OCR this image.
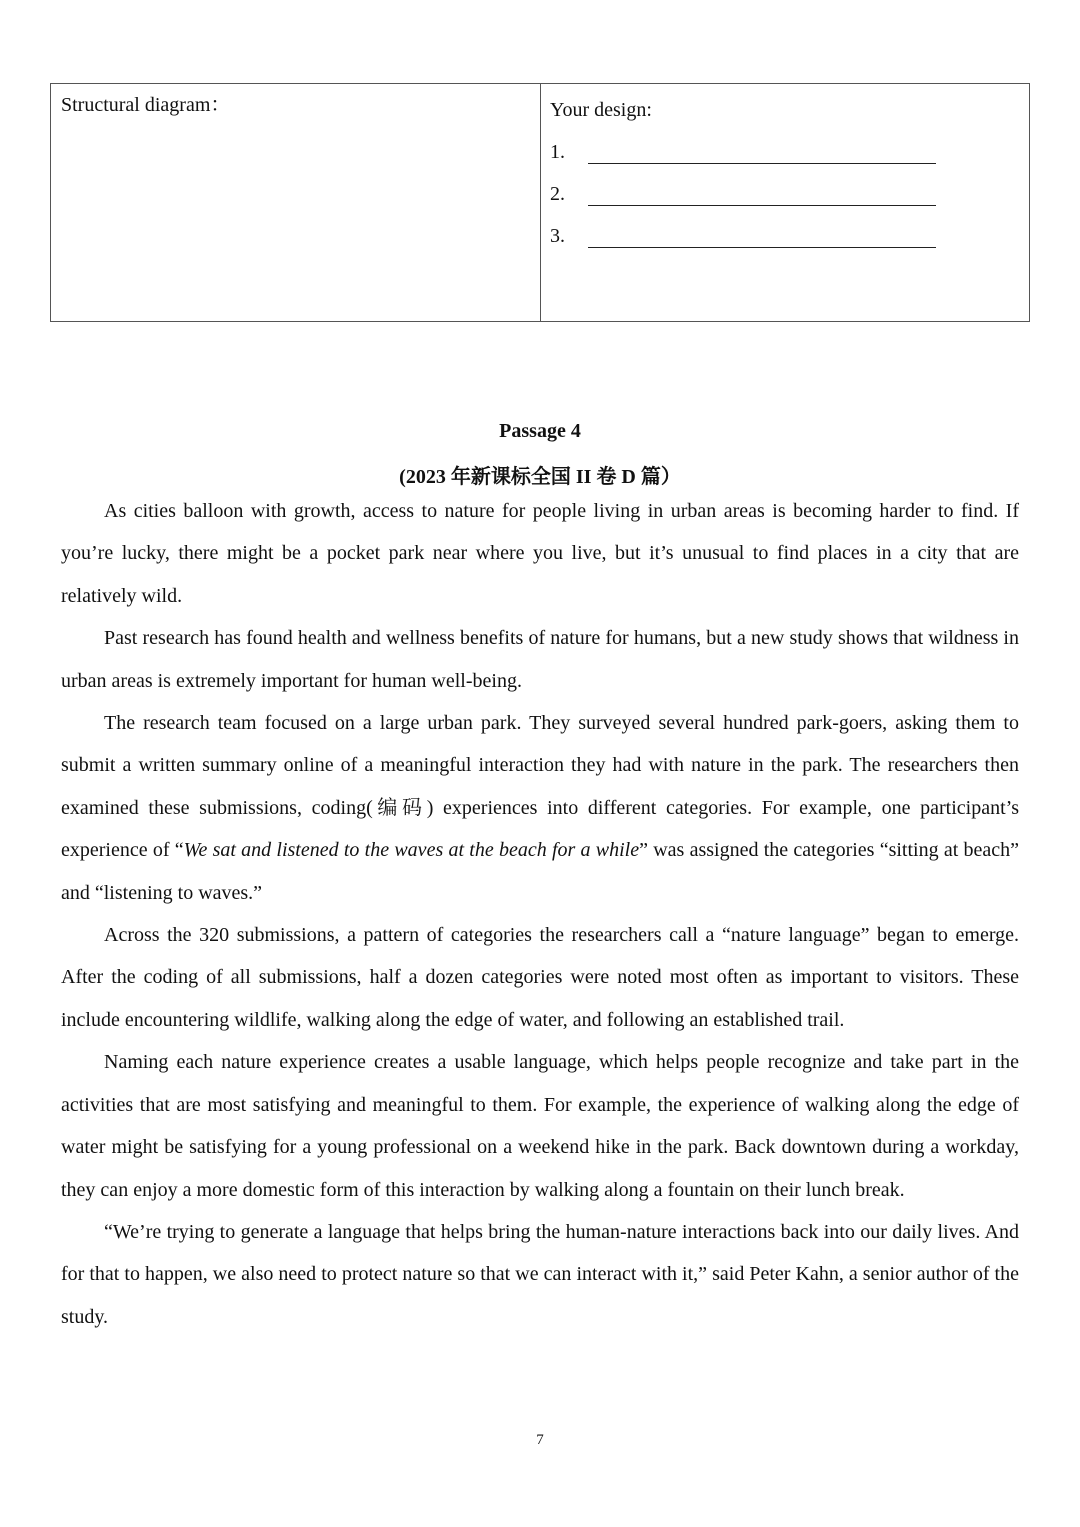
Structural diagram：	Your design:
1.
2.
3.
Passage 4
(2023 年新课标全国 II 卷 D 篇）

As cities balloon with growth, access to nature for people living in urban areas is becoming harder to find. If you’re lucky, there might be a pocket park near where you live, but it’s unusual to find places in a city that are relatively wild.

Past research has found health and wellness benefits of nature for humans, but a new study shows that wildness in urban areas is extremely important for human well-being.

The research team focused on a large urban park. They surveyed several hundred park-goers, asking them to submit a written summary online of a meaningful interaction they had with nature in the park. The researchers then examined these submissions, coding(编码) experiences into different categories. For example, one participant’s experience of “We sat and listened to the waves at the beach for a while” was assigned the categories “sitting at beach” and “listening to waves.”

Across the 320 submissions, a pattern of categories the researchers call a “nature language” began to emerge. After the coding of all submissions, half a dozen categories were noted most often as important to visitors. These include encountering wildlife, walking along the edge of water, and following an established trail.

Naming each nature experience creates a usable language, which helps people recognize and take part in the activities that are most satisfying and meaningful to them. For example, the experience of walking along the edge of water might be satisfying for a young professional on a weekend hike in the park. Back downtown during a workday, they can enjoy a more domestic form of this interaction by walking along a fountain on their lunch break.

“We’re trying to generate a language that helps bring the human-nature interactions back into our daily lives. And for that to happen, we also need to protect nature so that we can interact with it,” said Peter Kahn, a senior author of the study.

7
